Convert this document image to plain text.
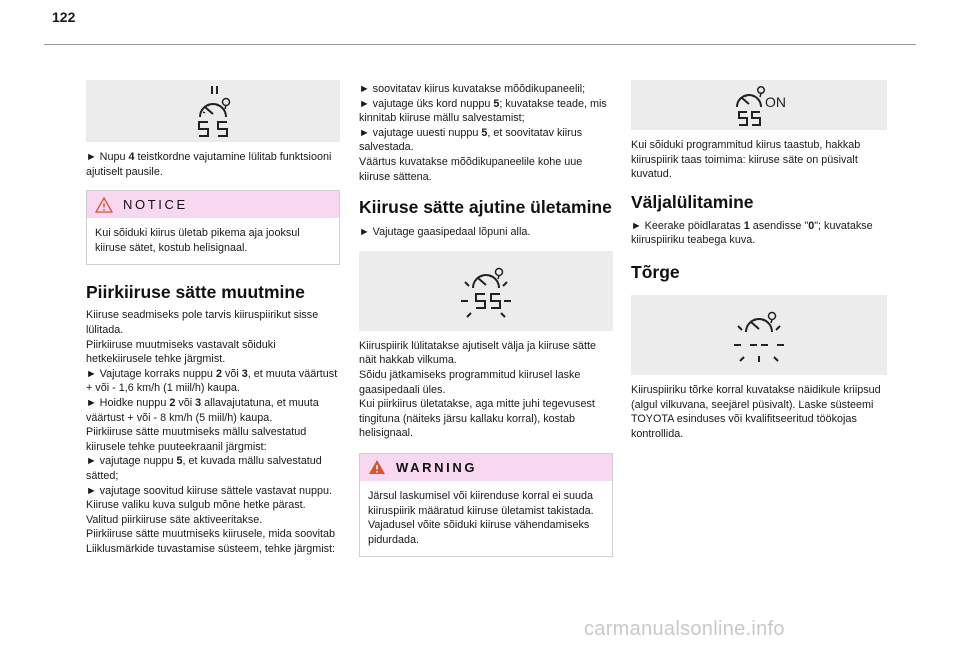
122

► Nupu 4 teistkordne vajutamine lülitab funktsiooni ajutiselt pausile.

NOTICE
Kui sõiduki kiirus ületab pikema aja jooksul kiiruse sätet, kostub helisignaal.
Piirkiiruse sätte muutmine

Kiiruse seadmiseks pole tarvis kiiruspiirikut sisse lülitada.

Piirkiiruse muutmiseks vastavalt sõiduki hetkekiirusele tehke järgmist.

► Vajutage korraks nuppu 2 või 3, et muuta väärtust + või - 1,6 km/h (1 miil/h) kaupa.

► Hoidke nuppu 2 või 3 allavajutatuna, et muuta väärtust + või - 8 km/h (5 miil/h) kaupa.

Piirkiiruse sätte muutmiseks mällu salvestatud kiirusele tehke puuteekraanil järgmist:

► vajutage nuppu 5, et kuvada mällu salvestatud sätted;

► vajutage soovitud kiiruse sättele vastavat nuppu.

Kiiruse valiku kuva sulgub mõne hetke pärast.

Valitud piirkiiruse säte aktiveeritakse.

Piirkiiruse sätte muutmiseks kiirusele, mida soovitab Liiklusmärkide tuvastamise süsteem, tehke järgmist:

► soovitatav kiirus kuvatakse mõõdikupaneelil;

► vajutage üks kord nuppu 5; kuvatakse teade, mis kinnitab kiiruse mällu salvestamist;

► vajutage uuesti nuppu 5, et soovitatav kiirus salvestada.

Väärtus kuvatakse mõõdikupaneelile kohe uue kiiruse sättena.

Kiiruse sätte ajutine ületamine

► Vajutage gaasipedaal lõpuni alla.

Kiiruspiirik lülitatakse ajutiselt välja ja kiiruse sätte näit hakkab vilkuma.

Sõidu jätkamiseks programmitud kiirusel laske gaasipedaali üles.

Kui piirkiirus ületatakse, aga mitte juhi tegevusest tingituna (näiteks järsu kallaku korral), kostab helisignaal.

WARNING
Järsul laskumisel või kiirenduse korral ei suuda kiiruspiirik määratud kiiruse ületamist takistada.
Vajadusel võite sõiduki kiiruse vähendamiseks pidurdada.
ON

Kui sõiduki programmitud kiirus taastub, hakkab kiiruspiirik taas toimima: kiiruse säte on püsivalt kuvatud.

Väljalülitamine

► Keerake pöidlaratas 1 asendisse "0"; kuvatakse kiiruspiiriku teabega kuva.

Tõrge

Kiiruspiiriku tõrke korral kuvatakse näidikule kriipsud (algul vilkuvana, seejärel püsivalt). Laske süsteemi TOYOTA esinduses või kvalifitseeritud töökojas kontrollida.

carmanualsonline.info
